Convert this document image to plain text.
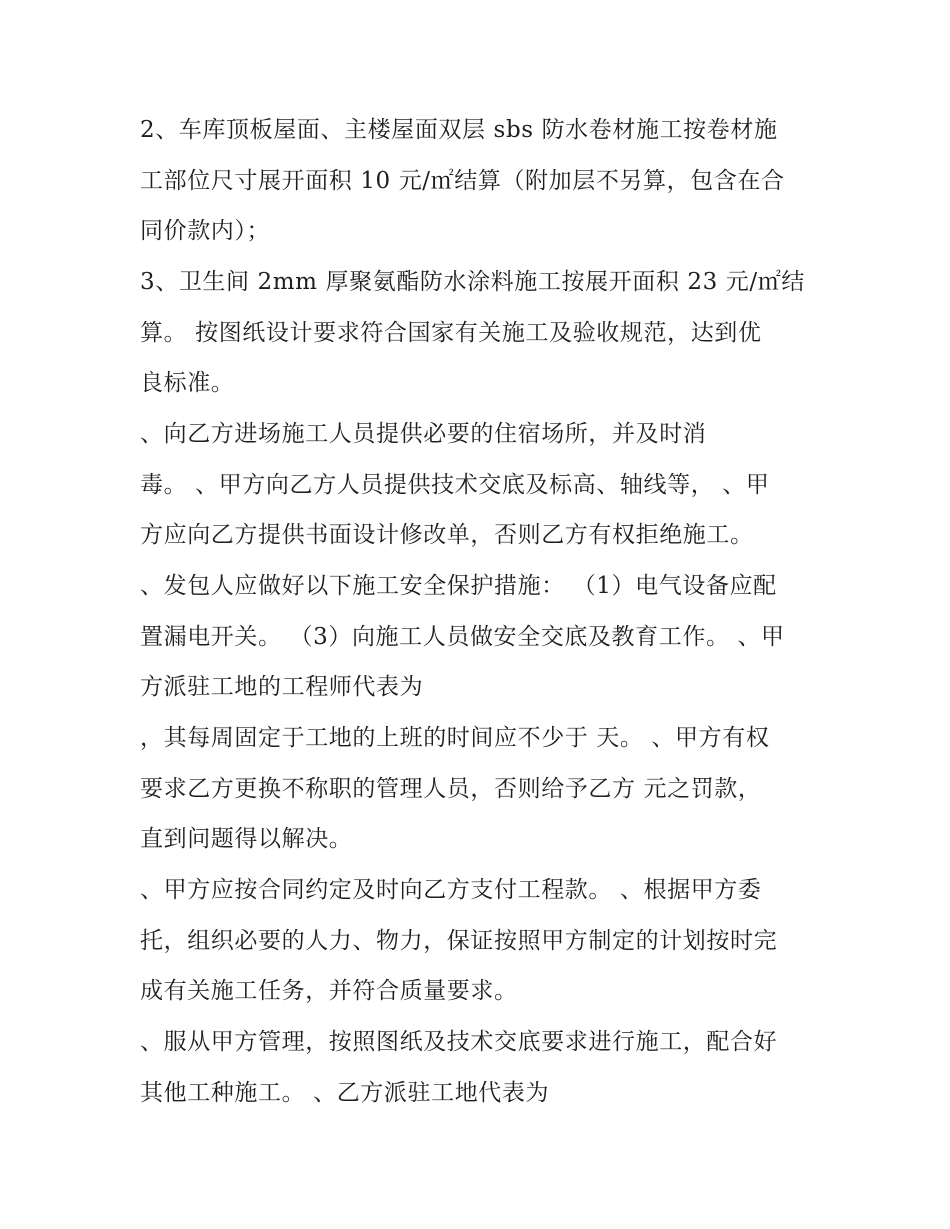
2、车库顶板屋面、主楼屋面双层 sbs 防水卷材施工按卷材施
工部位尺寸展开面积 10 元/㎡结算（附加层不另算，包含在合
同价款内）；
3、卫生间 2mm 厚聚氨酯防水涂料施工按展开面积 23 元/㎡结
算。 按图纸设计要求符合国家有关施工及验收规范，达到优
良标准。
、向乙方进场施工人员提供必要的住宿场所，并及时消
毒。 、甲方向乙方人员提供技术交底及标高、轴线等， 、甲
方应向乙方提供书面设计修改单，否则乙方有权拒绝施工。
、发包人应做好以下施工安全保护措施： （1）电气设备应配
置漏电开关。 （3）向施工人员做安全交底及教育工作。 、甲
方派驻工地的工程师代表为
，其每周固定于工地的上班的时间应不少于 天。 、甲方有权
要求乙方更换不称职的管理人员，否则给予乙方 元之罚款，
直到问题得以解决。
、甲方应按合同约定及时向乙方支付工程款。 、根据甲方委
托，组织必要的人力、物力，保证按照甲方制定的计划按时完
成有关施工任务，并符合质量要求。
、服从甲方管理，按照图纸及技术交底要求进行施工，配合好
其他工种施工。 、乙方派驻工地代表为
